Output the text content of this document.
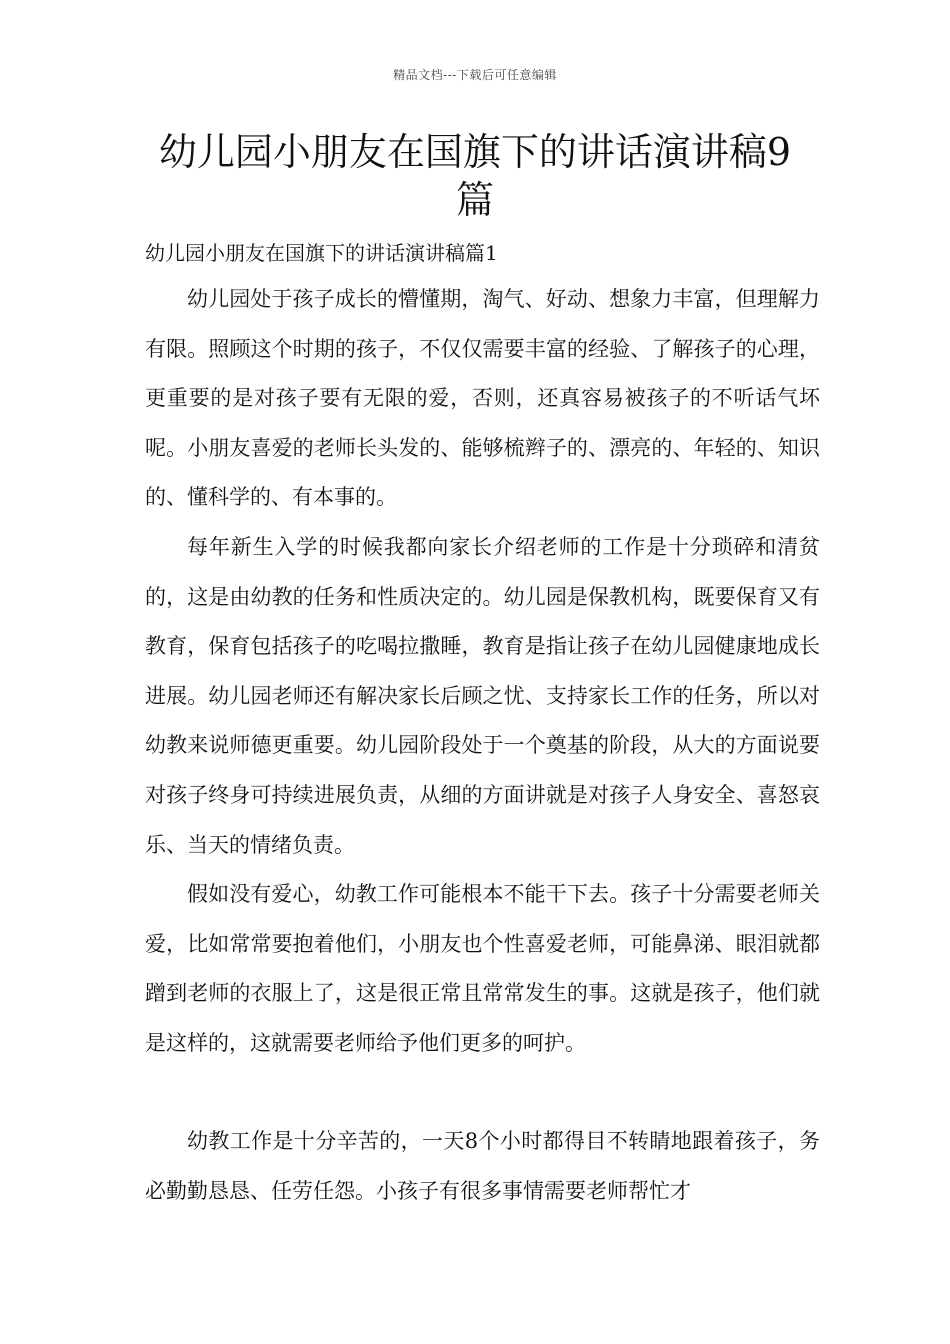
精品文档---下载后可任意编辑
幼儿园小朋友在国旗下的讲话演讲稿9篇
幼儿园小朋友在国旗下的讲话演讲稿篇1

幼儿园处于孩子成长的懵懂期，淘气、好动、想象力丰富，但理解力有限。照顾这个时期的孩子，不仅仅需要丰富的经验、了解孩子的心理，更重要的是对孩子要有无限的爱，否则，还真容易被孩子的不听话气坏呢。小朋友喜爱的老师长头发的、能够梳辫子的、漂亮的、年轻的、知识的、懂科学的、有本事的。

每年新生入学的时候我都向家长介绍老师的工作是十分琐碎和清贫的，这是由幼教的任务和性质决定的。幼儿园是保教机构，既要保育又有教育，保育包括孩子的吃喝拉撒睡，教育是指让孩子在幼儿园健康地成长进展。幼儿园老师还有解决家长后顾之忧、支持家长工作的任务，所以对幼教来说师德更重要。幼儿园阶段处于一个奠基的阶段，从大的方面说要对孩子终身可持续进展负责，从细的方面讲就是对孩子人身安全、喜怒哀乐、当天的情绪负责。

假如没有爱心，幼教工作可能根本不能干下去。孩子十分需要老师关爱，比如常常要抱着他们，小朋友也个性喜爱老师，可能鼻涕、眼泪就都蹭到老师的衣服上了，这是很正常且常常发生的事。这就是孩子，他们就是这样的，这就需要老师给予他们更多的呵护。

幼教工作是十分辛苦的，一天8个小时都得目不转睛地跟着孩子，务必勤勤恳恳、任劳任怨。小孩子有很多事情需要老师帮忙才
